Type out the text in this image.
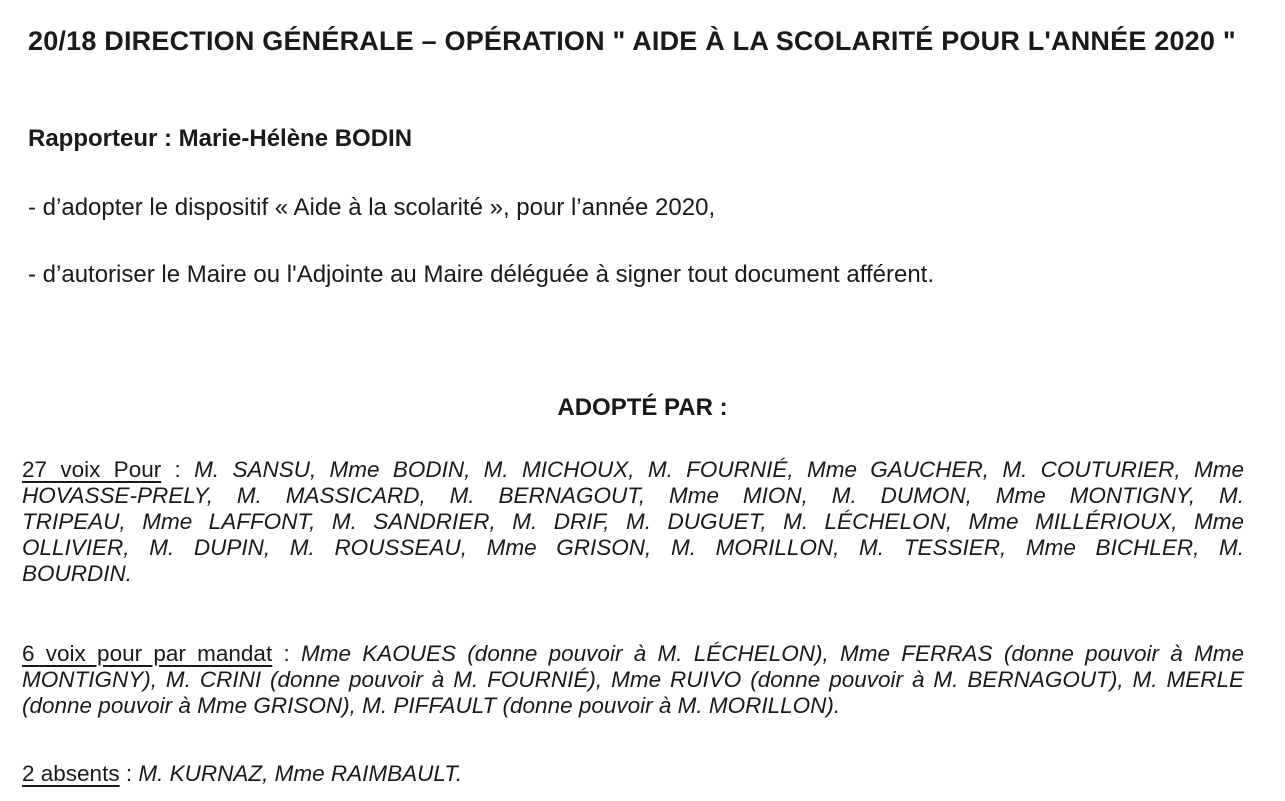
20/18 DIRECTION GÉNÉRALE – OPÉRATION " AIDE À LA SCOLARITÉ POUR L'ANNÉE 2020 "

Rapporteur : Marie-Hélène BODIN

- d’adopter le dispositif « Aide à la scolarité », pour l’année 2020,

- d’autoriser le Maire ou l'Adjointe au Maire déléguée à signer tout document afférent.

ADOPTÉ PAR :

27 voix Pour : M. SANSU, Mme BODIN, M. MICHOUX, M. FOURNIÉ, Mme GAUCHER, M. COUTURIER, Mme HOVASSE-PRELY, M. MASSICARD, M. BERNAGOUT, Mme MION, M. DUMON, Mme MONTIGNY, M. TRIPEAU, Mme LAFFONT, M. SANDRIER, M. DRIF, M. DUGUET, M. LÉCHELON, Mme MILLÉRIOUX, Mme OLLIVIER, M. DUPIN, M. ROUSSEAU, Mme GRISON, M. MORILLON, M. TESSIER, Mme BICHLER, M. BOURDIN.

6 voix pour par mandat : Mme KAOUES (donne pouvoir à M. LÉCHELON), Mme FERRAS (donne pouvoir à Mme MONTIGNY), M. CRINI (donne pouvoir à M. FOURNIÉ), Mme RUIVO (donne pouvoir à M. BERNAGOUT), M. MERLE (donne pouvoir à Mme GRISON), M. PIFFAULT (donne pouvoir à M. MORILLON).

2 absents : M. KURNAZ, Mme RAIMBAULT.
